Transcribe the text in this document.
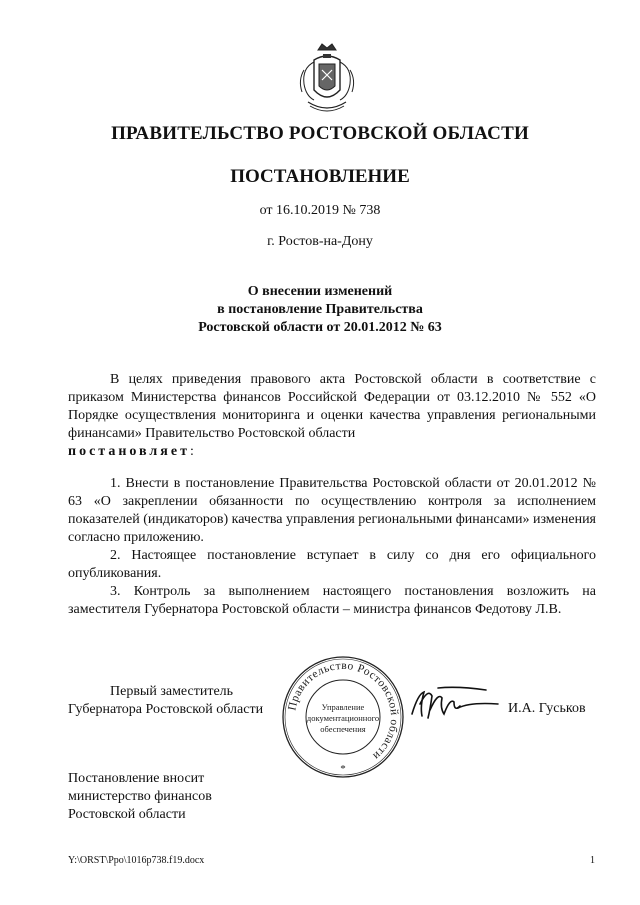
ПРАВИТЕЛЬСТВО РОСТОВСКОЙ ОБЛАСТИ
ПОСТАНОВЛЕНИЕ
от 16.10.2019 № 738
г. Ростов-на-Дону
О внесении изменений
в постановление Правительства
Ростовской области от 20.01.2012 № 63
В целях приведения правового акта Ростовской области в соответствие с приказом Министерства финансов Российской Федерации от 03.12.2010 № 552 «О Порядке осуществления мониторинга и оценки качества управления региональными финансами» Правительство Ростовской области
постановляет:
1. Внести в постановление Правительства Ростовской области от 20.01.2012 № 63 «О закреплении обязанности по осуществлению контроля за исполнением показателей (индикаторов) качества управления региональными финансами» изменения согласно приложению.
2. Настоящее постановление вступает в силу со дня его официального опубликования.
3. Контроль за выполнением настоящего постановления возложить на заместителя Губернатора Ростовской области – министра финансов Федотову Л.В.
Первый заместитель
Губернатора Ростовской области Правительство Ростовской области
Управление
документационного
обеспечения
*
И.А. Гуськов
Постановление вносит
министерство финансов
Ростовской области
Y:\ORST\Ppo\1016p738.f19.docx	1
